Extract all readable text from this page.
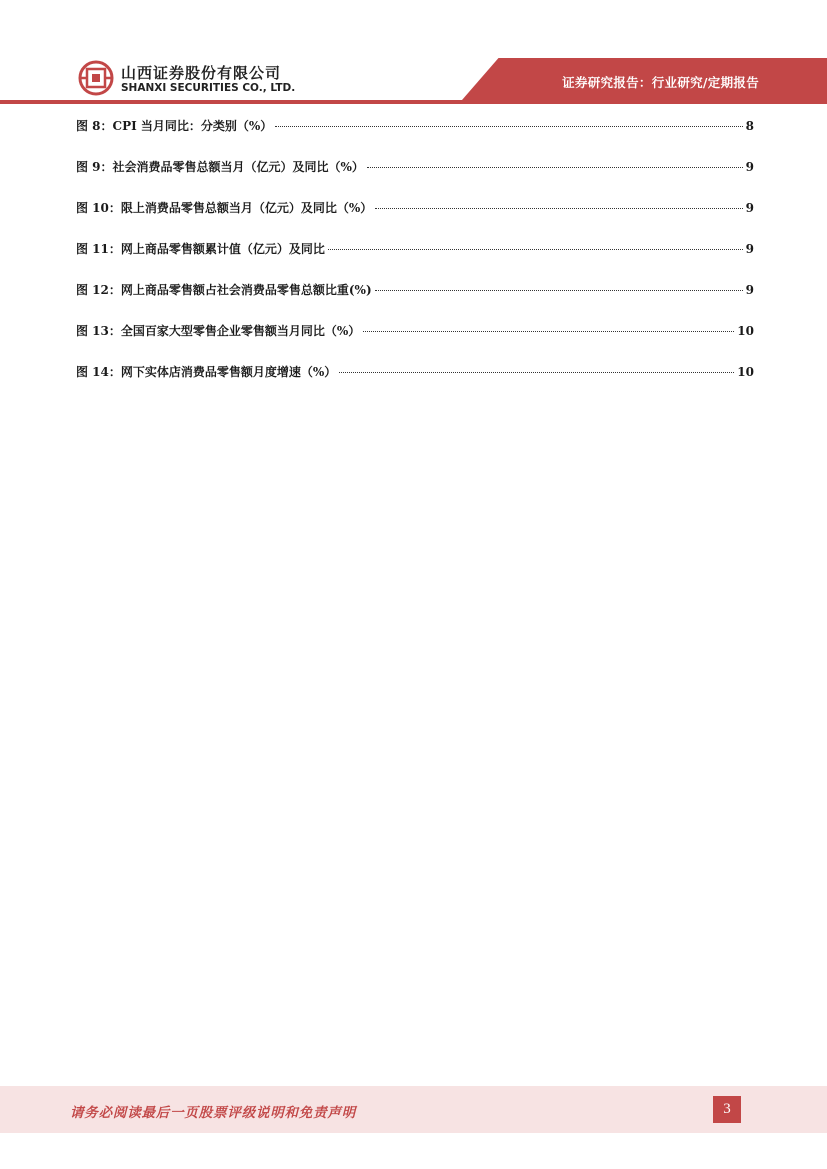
山西证券股份有限公司
SHANXI SECURITIES CO., LTD.	证券研究报告：行业研究/定期报告
图 8：CPI 当月同比：分类别（%）	8
图 9：社会消费品零售总额当月（亿元）及同比（%）	9
图 10：限上消费品零售总额当月（亿元）及同比（%）	9
图 11：网上商品零售额累计值（亿元）及同比	9
图 12：网上商品零售额占社会消费品零售总额比重(%)	9
图 13：全国百家大型零售企业零售额当月同比（%）	10
图 14：网下实体店消费品零售额月度增速（%）	10
请务必阅读最后一页股票评级说明和免责声明	3
